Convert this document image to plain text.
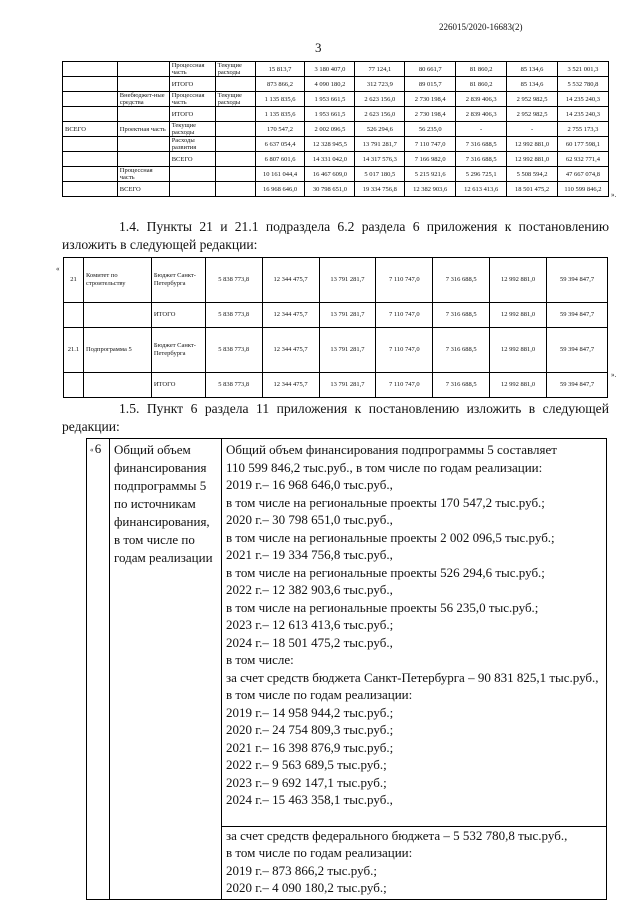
226015/2020-16683(2)
3
		Процессная часть	Текущие расходы	15 813,7	3 180 407,0	77 124,1	80 661,7	81 860,2	85 134,6	3 521 001,3
		ИТОГО		873 866,2	4 090 180,2	312 723,9	89 015,7	81 860,2	85 134,6	5 532 780,8
	Внебюджет-ные средства	Процессная часть	Текущие расходы	1 135 835,6	1 953 661,5	2 623 156,0	2 730 198,4	2 839 406,3	2 952 982,5	14 235 240,3
		ИТОГО		1 135 835,6	1 953 661,5	2 623 156,0	2 730 198,4	2 839 406,3	2 952 982,5	14 235 240,3
ВСЕГО	Проектная часть	Текущие расходы		170 547,2	2 002 096,5	526 294,6	56 235,0	-	-	2 755 173,3
		Расходы развития		6 637 054,4	12 328 945,5	13 791 281,7	7 110 747,0	7 316 688,5	12 992 881,0	60 177 598,1
		ВСЕГО		6 807 601,6	14 331 042,0	14 317 576,3	7 166 982,0	7 316 688,5	12 992 881,0	62 932 771,4
	Процессная часть			10 161 044,4	16 467 609,0	5 017 180,5	5 215 921,6	5 296 725,1	5 508 594,2	47 667 074,8
	ВСЕГО			16 968 646,0	30 798 651,0	19 334 756,8	12 382 903,6	12 613 413,6	18 501 475,2	110 599 846,2
».
1.4. Пункты 21 и 21.1 подраздела 6.2 раздела 6 приложения к постановлению изложить в следующей редакции:
«
21	Комитет по строительству	Бюджет Санкт-Петербурга	5 838 773,8	12 344 475,7	13 791 281,7	7 110 747,0	7 316 688,5	12 992 881,0	59 394 847,7
		ИТОГО	5 838 773,8	12 344 475,7	13 791 281,7	7 110 747,0	7 316 688,5	12 992 881,0	59 394 847,7
21.1	Подпрограмма 5	Бюджет Санкт-Петербурга	5 838 773,8	12 344 475,7	13 791 281,7	7 110 747,0	7 316 688,5	12 992 881,0	59 394 847,7
		ИТОГО	5 838 773,8	12 344 475,7	13 791 281,7	7 110 747,0	7 316 688,5	12 992 881,0	59 394 847,7
».
1.5. Пункт 6 раздела 11 приложения к постановлению изложить в следующей редакции:
« 6	Общий объем финансирования подпрограммы 5 по источникам финансирования, в том числе по годам реализации	
Общий объем финансирования подпрограммы 5 составляет
110 599 846,2 тыс.руб., в том числе по годам реализации:
2019 г.– 16 968 646,0 тыс.руб.,
в том числе на региональные проекты 170 547,2 тыс.руб.;
2020 г.– 30 798 651,0 тыс.руб.,
в том числе на региональные проекты 2 002 096,5 тыс.руб.;
2021 г.– 19 334 756,8 тыс.руб.,
в том числе на региональные проекты 526 294,6 тыс.руб.;
2022 г.– 12 382 903,6 тыс.руб.,
в том числе на региональные проекты 56 235,0 тыс.руб.;
2023 г.– 12 613 413,6 тыс.руб.;
2024 г.– 18 501 475,2 тыс.руб.,
в том числе:
за счет средств бюджета Санкт-Петербурга – 90 831 825,1 тыс.руб.,
в том числе по годам реализации:
2019 г.– 14 958 944,2 тыс.руб.;
2020 г.– 24 754 809,3 тыс.руб.;
2021 г.– 16 398 876,9 тыс.руб.;
2022 г.– 9 563 689,5 тыс.руб.;
2023 г.– 9 692 147,1 тыс.руб.;
2024 г.– 15 463 358,1 тыс.руб.,
за счет средств федерального бюджета – 5 532 780,8 тыс.руб.,
в том числе по годам реализации:
2019 г.– 873 866,2 тыс.руб.;
2020 г.– 4 090 180,2 тыс.руб.;
